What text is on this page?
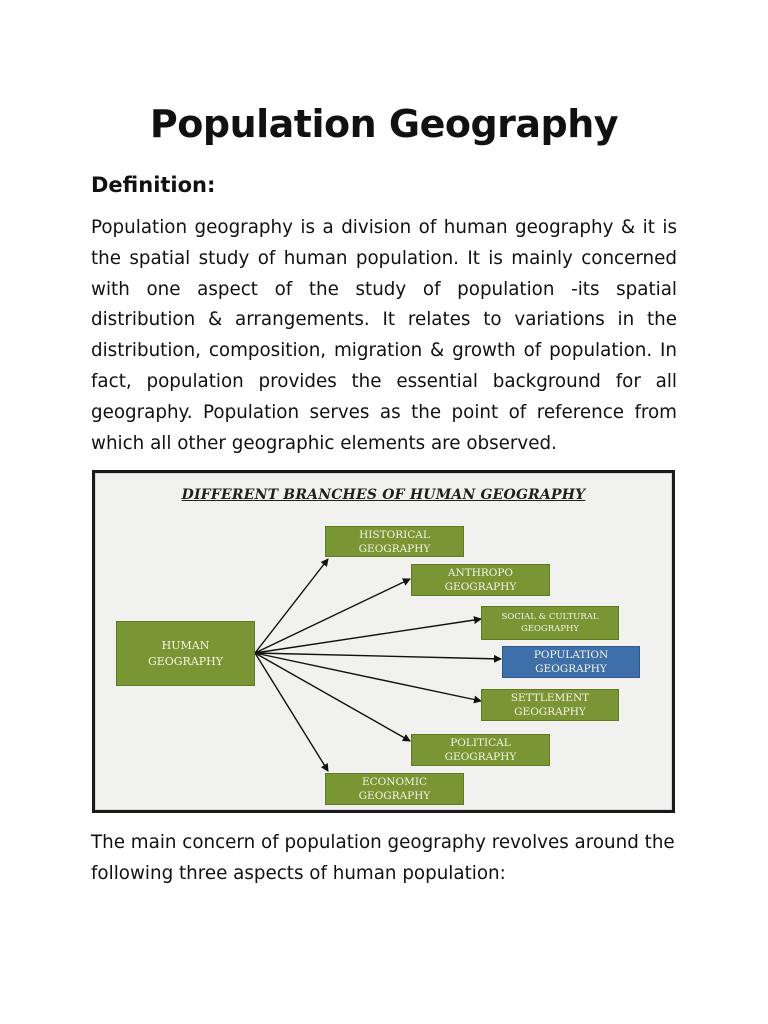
Population Geography
Definition:

Population geography is a division of human geography & it is the spatial study of human population. It is mainly concerned with one aspect of the study of population -its spatial distribution & arrangements. It relates to variations in the distribution, composition, migration & growth of population. In fact, population provides the essential background for all geography. Population serves as the point of reference from which all other geographic elements are observed.

DIFFERENT BRANCHES OF HUMAN GEOGRAPHY
HUMAN
GEOGRAPHY
HISTORICAL
GEOGRAPHY
ANTHROPO
GEOGRAPHY
SOCIAL & CULTURAL
GEOGRAPHY
POPULATION
GEOGRAPHY
SETTLEMENT
GEOGRAPHY
POLITICAL
GEOGRAPHY
ECONOMIC
GEOGRAPHY

The main concern of population geography revolves around the following three aspects of human population:
